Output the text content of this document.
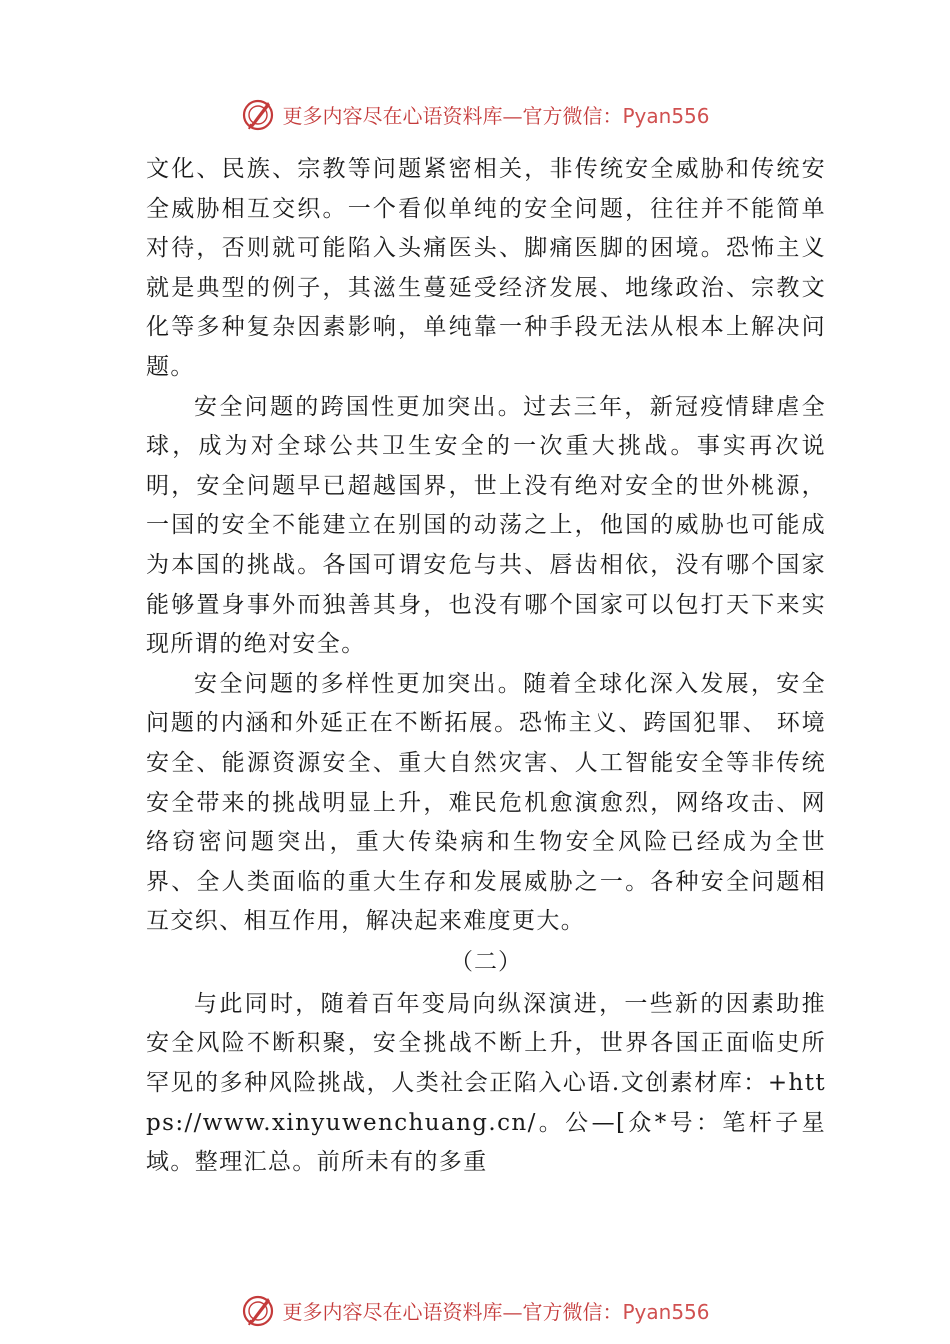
更多内容尽在心语资料库—官方微信：Pyan556

文化、民族、宗教等问题紧密相关，非传统安全威胁和传统安全威胁相互交织。一个看似单纯的安全问题，往往并不能简单对待，否则就可能陷入头痛医头、脚痛医脚的困境。恐怖主义就是典型的例子，其滋生蔓延受经济发展、地缘政治、宗教文化等多种复杂因素影响，单纯靠一种手段无法从根本上解决问题。

安全问题的跨国性更加突出。过去三年，新冠疫情肆虐全球，成为对全球公共卫生安全的一次重大挑战。事实再次说明，安全问题早已超越国界，世上没有绝对安全的世外桃源，一国的安全不能建立在别国的动荡之上，他国的威胁也可能成为本国的挑战。各国可谓安危与共、唇齿相依，没有哪个国家能够置身事外而独善其身，也没有哪个国家可以包打天下来实现所谓的绝对安全。

安全问题的多样性更加突出。随着全球化深入发展，安全问题的内涵和外延正在不断拓展。恐怖主义、跨国犯罪、 环境安全、能源资源安全、重大自然灾害、人工智能安全等非传统安全带来的挑战明显上升，难民危机愈演愈烈，网络攻击、网络窃密问题突出，重大传染病和生物安全风险已经成为全世界、全人类面临的重大生存和发展威胁之一。各种安全问题相互交织、相互作用，解决起来难度更大。

（二）

与此同时，随着百年变局向纵深演进，一些新的因素助推安全风险不断积聚，安全挑战不断上升，世界各国正面临史所罕见的多种风险挑战，人类社会正陷入心语.文创素材库：+https://www.xinyuwenchuang.cn/。公—[众*号：笔杆子星域。整理汇总。前所未有的多重

更多内容尽在心语资料库—官方微信：Pyan556
